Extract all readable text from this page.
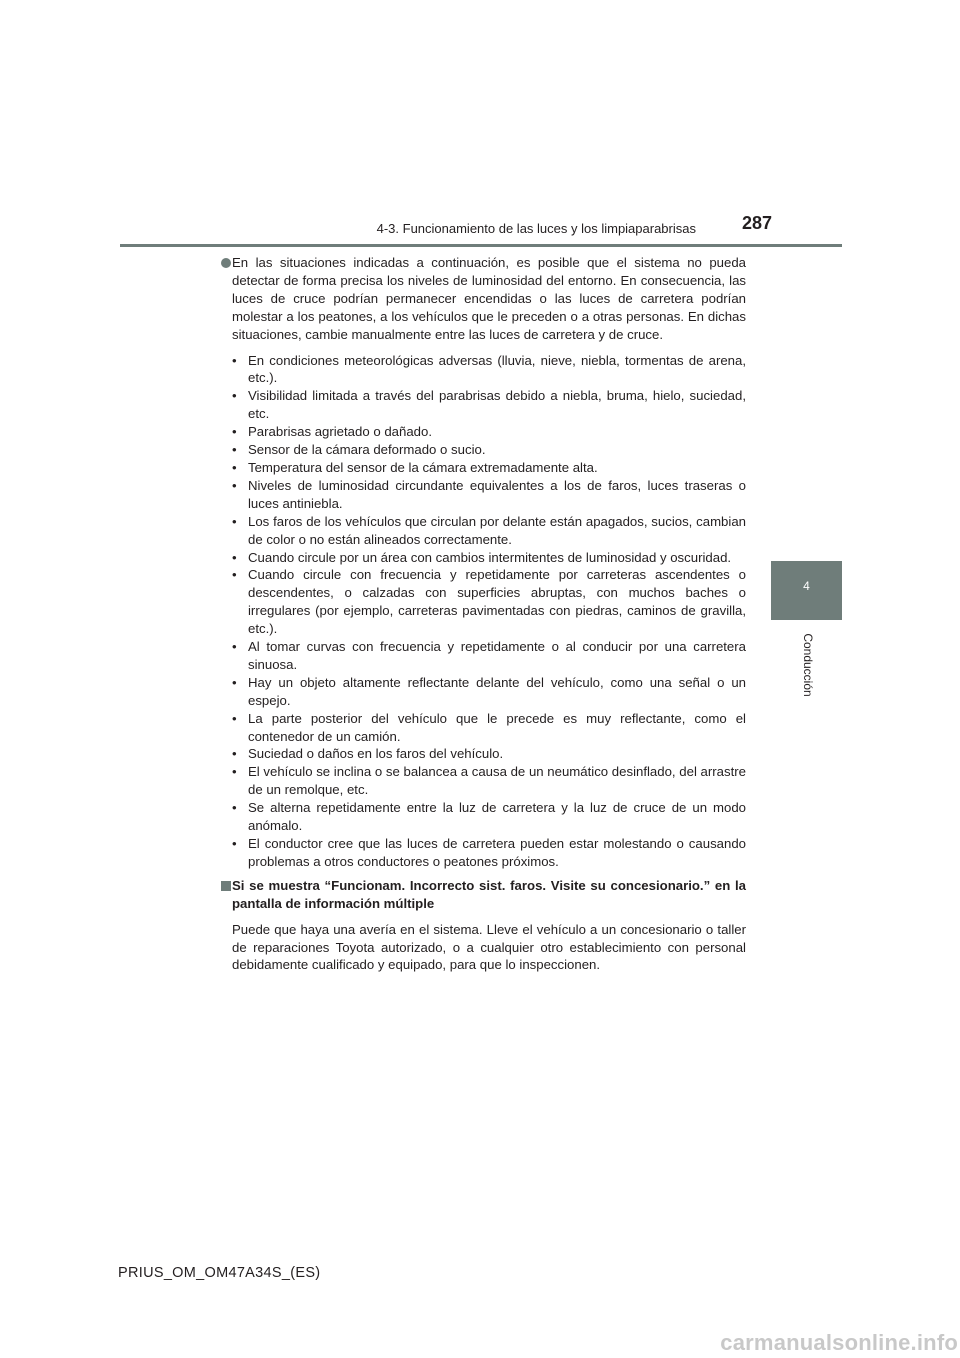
4-3. Funcionamiento de las luces y los limpiaparabrisas	287
4
Conducción

En las situaciones indicadas a continuación, es posible que el sistema no pueda detectar de forma precisa los niveles de luminosidad del entorno. En consecuencia, las luces de cruce podrían permanecer encendidas o las luces de carretera podrían molestar a los peatones, a los vehículos que le preceden o a otras personas. En dichas situaciones, cambie manualmente entre las luces de carretera y de cruce.

• En condiciones meteorológicas adversas (lluvia, nieve, niebla, tormentas de arena, etc.).
• Visibilidad limitada a través del parabrisas debido a niebla, bruma, hielo, suciedad, etc.
• Parabrisas agrietado o dañado.
• Sensor de la cámara deformado o sucio.
• Temperatura del sensor de la cámara extremadamente alta.
• Niveles de luminosidad circundante equivalentes a los de faros, luces traseras o luces antiniebla.
• Los faros de los vehículos que circulan por delante están apagados, sucios, cambian de color o no están alineados correctamente.
• Cuando circule por un área con cambios intermitentes de luminosidad y oscuridad.
• Cuando circule con frecuencia y repetidamente por carreteras ascendentes o descendentes, o calzadas con superficies abruptas, con muchos baches o irregulares (por ejemplo, carreteras pavimentadas con piedras, caminos de gravilla, etc.).
• Al tomar curvas con frecuencia y repetidamente o al conducir por una carretera sinuosa.
• Hay un objeto altamente reflectante delante del vehículo, como una señal o un espejo.
• La parte posterior del vehículo que le precede es muy reflectante, como el contenedor de un camión.
• Suciedad o daños en los faros del vehículo.
• El vehículo se inclina o se balancea a causa de un neumático desinflado, del arrastre de un remolque, etc.
• Se alterna repetidamente entre la luz de carretera y la luz de cruce de un modo anómalo.
• El conductor cree que las luces de carretera pueden estar molestando o causando problemas a otros conductores o peatones próximos.

Si se muestra “Funcionam. Incorrecto sist. faros. Visite su concesionario.” en la pantalla de información múltiple

Puede que haya una avería en el sistema. Lleve el vehículo a un concesionario o taller de reparaciones Toyota autorizado, o a cualquier otro establecimiento con personal debidamente cualificado y equipado, para que lo inspeccionen.

PRIUS_OM_OM47A34S_(ES)
carmanualsonline.info
